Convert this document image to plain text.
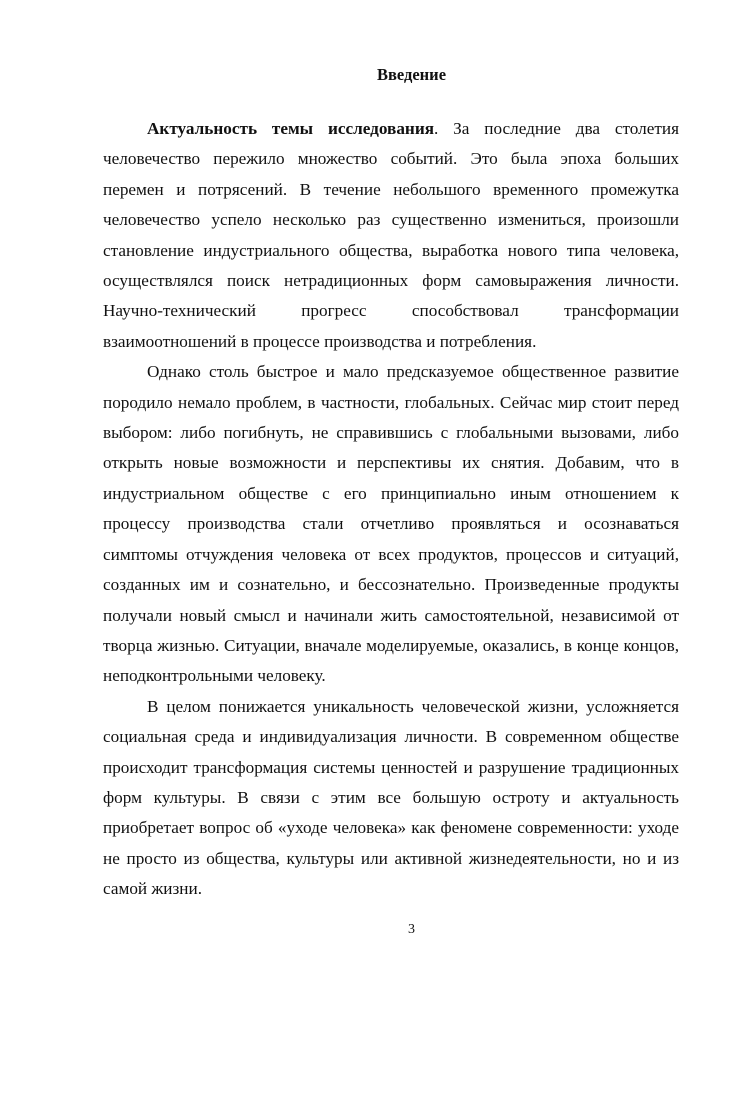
Введение

Актуальность темы исследования. За последние два столетия человечество пережило множество событий. Это была эпоха больших перемен и потрясений. В течение небольшого временного промежутка человечество успело несколько раз существенно измениться, произошли становление индустриального общества, выработка нового типа человека, осуществлялся поиск нетрадиционных форм самовыражения личности. Научно-технический прогресс способствовал трансформации взаимоотношений в процессе производства и потребления.

Однако столь быстрое и мало предсказуемое общественное развитие породило немало проблем, в частности, глобальных. Сейчас мир стоит перед выбором: либо погибнуть, не справившись с глобальными вызовами, либо открыть новые возможности и перспективы их снятия. Добавим, что в индустриальном обществе с его принципиально иным отношением к процессу производства стали отчетливо проявляться и осознаваться симптомы отчуждения человека от всех продуктов, процессов и ситуаций, созданных им и сознательно, и бессознательно. Произведенные продукты получали новый смысл и начинали жить самостоятельной, независимой от творца жизнью. Ситуации, вначале моделируемые, оказались, в конце концов, неподконтрольными человеку.

В целом понижается уникальность человеческой жизни, усложняется социальная среда и индивидуализация личности. В современном обществе происходит трансформация системы ценностей и разрушение традиционных форм культуры. В связи с этим все большую остроту и актуальность приобретает вопрос об «уходе человека» как феномене современности: уходе не просто из общества, культуры или активной жизнедеятельности, но и из самой жизни.

3
